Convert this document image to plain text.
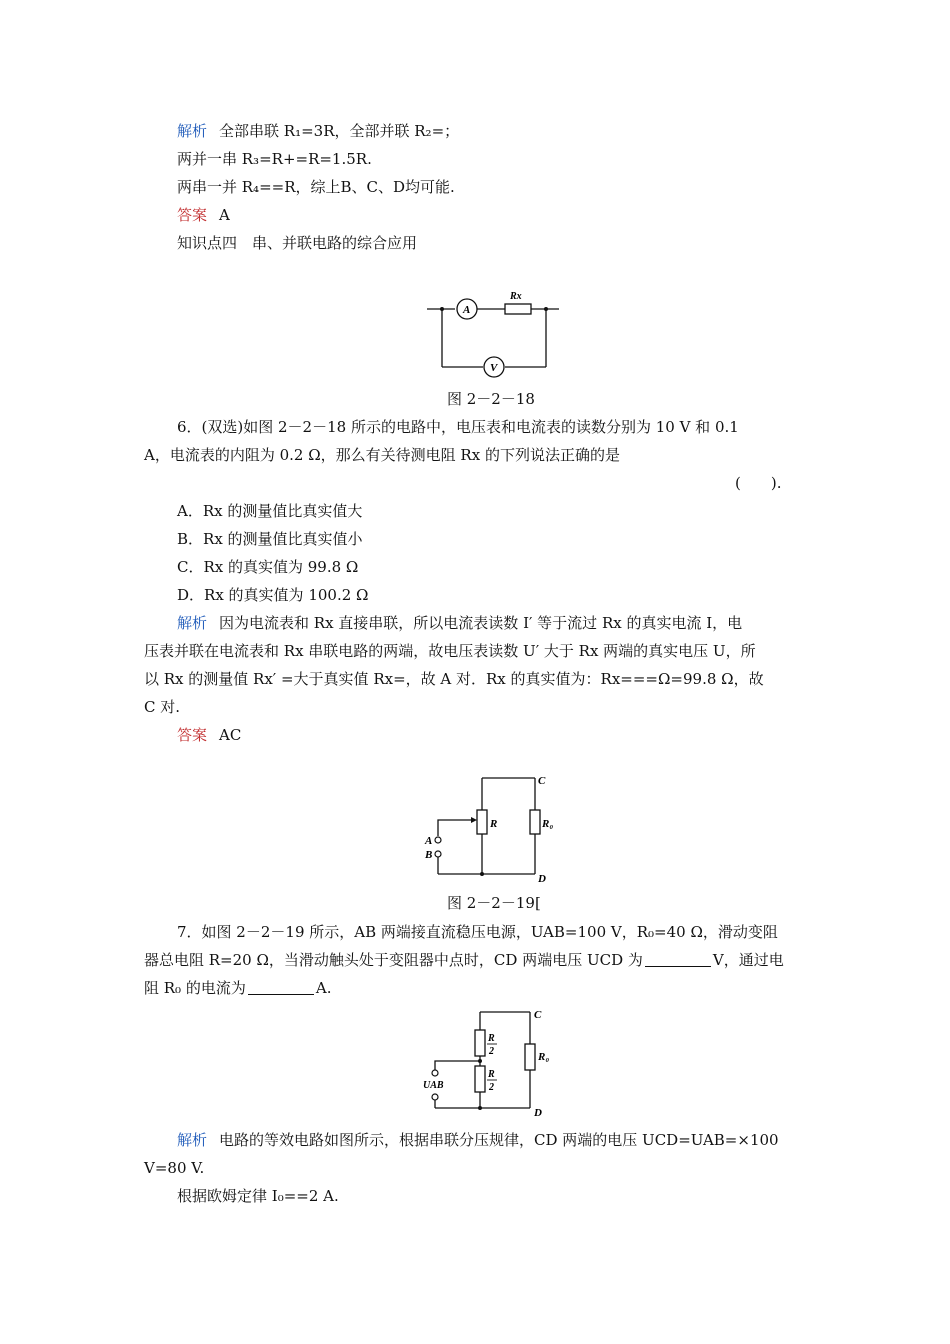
解析 全部串联 R₁=3R，全部并联 R₂=；
两并一串 R₃=R+=R=1.5R.
两串一并 R₄==R，综上B、C、D均可能.
答案 A
知识点四　串、并联电路的综合应用
A
V
Rx
图 2－2－18
6．(双选)如图 2－2－18 所示的电路中，电压表和电流表的读数分别为 10 V 和 0.1
A，电流表的内阻为 0.2 Ω，那么有关待测电阻 Rx 的下列说法正确的是
(　　).
A．Rx 的测量值比真实值大
B．Rx 的测量值比真实值小
C．Rx 的真实值为 99.8 Ω
D．Rx 的真实值为 100.2 Ω
解析 因为电流表和 Rx 直接串联，所以电流表读数 I′ 等于流过 Rx 的真实电流 I，电
压表并联在电流表和 Rx 串联电路的两端，故电压表读数 U′ 大于 Rx 两端的真实电压 U，所
以 Rx 的测量值 Rx′ =大于真实值 Rx=，故 A 对．Rx 的真实值为：Rx===Ω=99.8 Ω，故
C 对.
答案 AC
C
D
R	R₀
A
B
图 2－2－19[
7．如图 2－2－19 所示，AB 两端接直流稳压电源，UAB=100 V，R₀=40 Ω，滑动变阻
器总电阻 R=20 Ω，当滑动触头处于变阻器中点时，CD 两端电压 UCD 为	V，通过电
阻 R₀ 的电流为	A.
C
D
R₀
R
2
R
2
UAB
解析 电路的等效电路如图所示，根据串联分压规律，CD 两端的电压 UCD=UAB=×100
V=80 V.
根据欧姆定律 I₀==2 A.
